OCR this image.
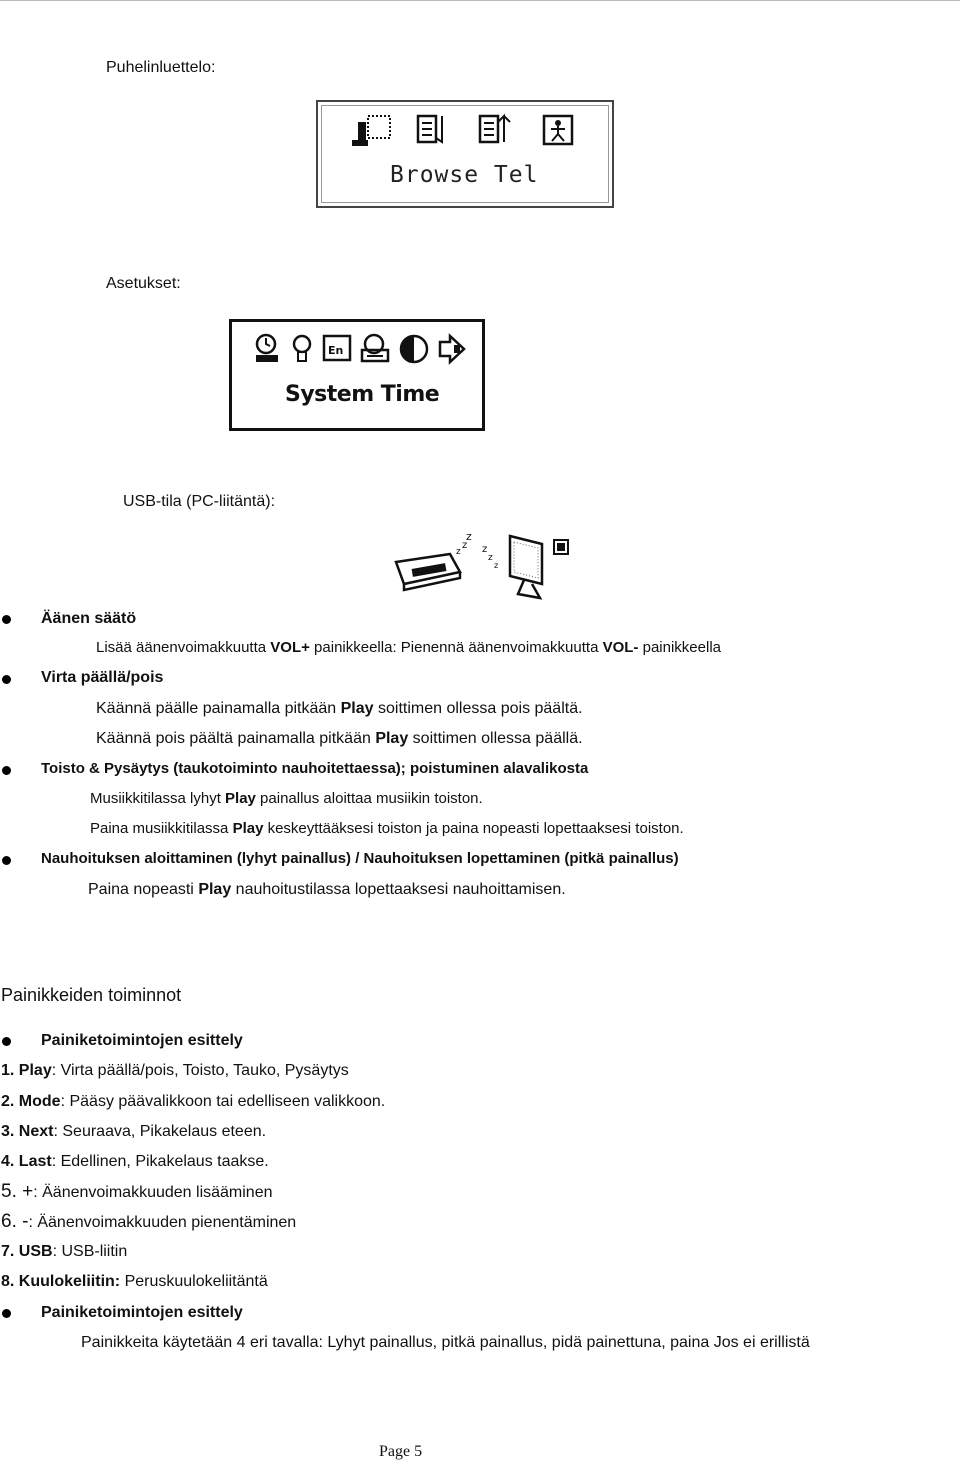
Puhelinluettelo:
Browse Tel
Asetukset:
En
System Time
USB-tila (PC-liitäntä):
z
z
z
z
z
z
Äänen säätö
Lisää äänenvoimakkuutta VOL+ painikkeella: Pienennä äänenvoimakkuutta VOL- painikkeella
Virta päällä/pois
Käännä päälle painamalla pitkään Play soittimen ollessa pois päältä.
Käännä pois päältä painamalla pitkään Play soittimen ollessa päällä.
Toisto & Pysäytys (taukotoiminto nauhoitettaessa); poistuminen alavalikosta
Musiikkitilassa lyhyt Play painallus aloittaa musiikin toiston.
Paina musiikkitilassa Play keskeyttääksesi toiston ja paina nopeasti lopettaaksesi toiston.
Nauhoituksen aloittaminen (lyhyt painallus) / Nauhoituksen lopettaminen (pitkä painallus)
Paina nopeasti Play nauhoitustilassa lopettaaksesi nauhoittamisen.
Painikkeiden toiminnot
Painiketoimintojen esittely
1. Play: Virta päällä/pois, Toisto, Tauko, Pysäytys
2. Mode: Pääsy päävalikkoon tai edelliseen valikkoon.
3. Next: Seuraava, Pikakelaus eteen.
4. Last: Edellinen, Pikakelaus taakse.
5. +: Äänenvoimakkuuden lisääminen
6. -: Äänenvoimakkuuden pienentäminen
7. USB: USB-liitin
8. Kuulokeliitin: Peruskuulokeliitäntä
Painiketoimintojen esittely
Painikkeita käytetään 4 eri tavalla: Lyhyt painallus, pitkä painallus, pidä painettuna, paina Jos ei erillistä
Page 5
